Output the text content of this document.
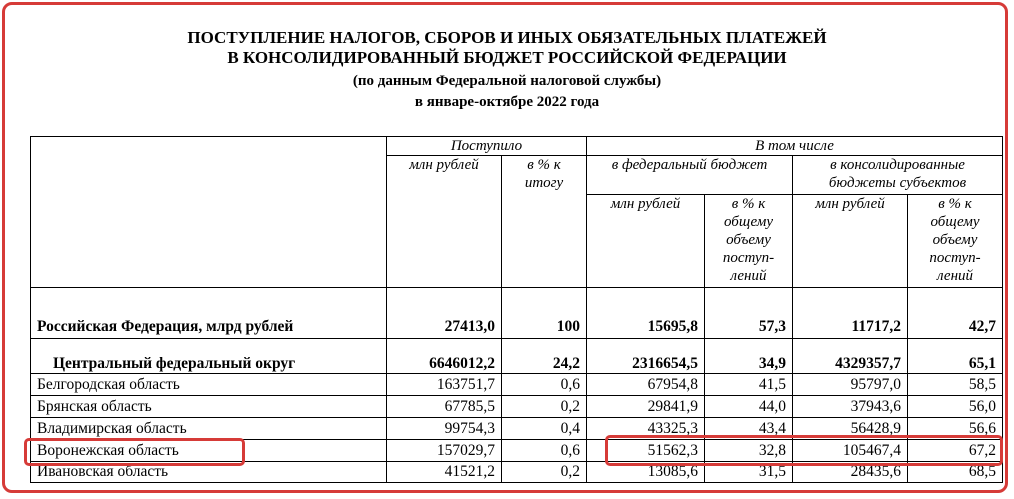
ПОСТУПЛЕНИЕ НАЛОГОВ, СБОРОВ И ИНЫХ ОБЯЗАТЕЛЬНЫХ ПЛАТЕЖЕЙ
В КОНСОЛИДИРОВАННЫЙ БЮДЖЕТ РОССИЙСКОЙ ФЕДЕРАЦИИ
(по данным Федеральной налоговой службы)
в январе-октябре 2022 года
	Поступило		В том числе			
	млн рублей	в % к итогу	в федеральный бюджет		в консолидированные бюджеты субъектов	
			млн рублей	в % к общему объему поступ-лений	млн рублей	в % к общему объему поступ-лений
Российская Федерация, млрд рублей	27413,0	100	15695,8	57,3	11717,2	42,7
Центральный федеральный округ	6646012,2	24,2	2316654,5	34,9	4329357,7	65,1
Белгородская область	163751,7	0,6	67954,8	41,5	95797,0	58,5
Брянская область	67785,5	0,2	29841,9	44,0	37943,6	56,0
Владимирская область	99754,3	0,4	43325,3	43,4	56428,9	56,6
Воронежская область	157029,7	0,6	51562,3	32,8	105467,4	67,2
Ивановская область	41521,2	0,2	13085,6	31,5	28435,6	68,5
